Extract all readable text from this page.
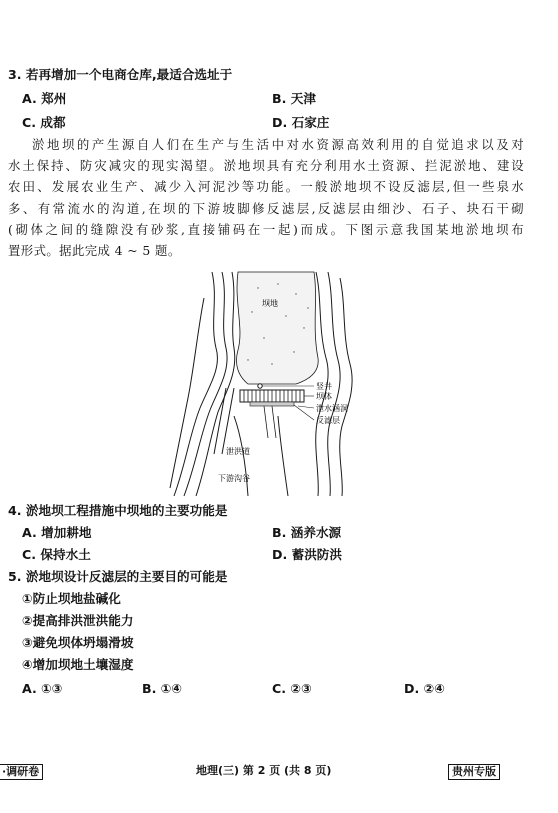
3. 若再增加一个电商仓库,最适合选址于
A. 郑州	B. 天津
C. 成都	D. 石家庄
淤地坝的产生源自人们在生产与生活中对水资源高效利用的自觉追求以及对
水土保持、防灾减灾的现实渴望。淤地坝具有充分利用水土资源、拦泥淤地、建设
农田、发展农业生产、减少入河泥沙等功能。一般淤地坝不设反滤层,但一些泉水
多、有常流水的沟道,在坝的下游坡脚修反滤层,反滤层由细沙、石子、块石干砌
(砌体之间的缝隙没有砂浆,直接铺码在一起)而成。下图示意我国某地淤地坝布
置形式。据此完成 4 ~ 5 题。
坝地
竖井
坝体
泄水涵洞
反滤层
泄洪道
下游沟谷
4. 淤地坝工程措施中坝地的主要功能是
A. 增加耕地	B. 涵养水源
C. 保持水土	D. 蓄洪防洪
5. 淤地坝设计反滤层的主要目的可能是
①防止坝地盐碱化
②提高排洪泄洪能力
③避免坝体坍塌滑坡
④增加坝地土壤湿度
A. ①③	B. ①④	C. ②③	D. ②④
·调研卷	地理(三) 第 2 页 (共 8 页)	贵州专版
